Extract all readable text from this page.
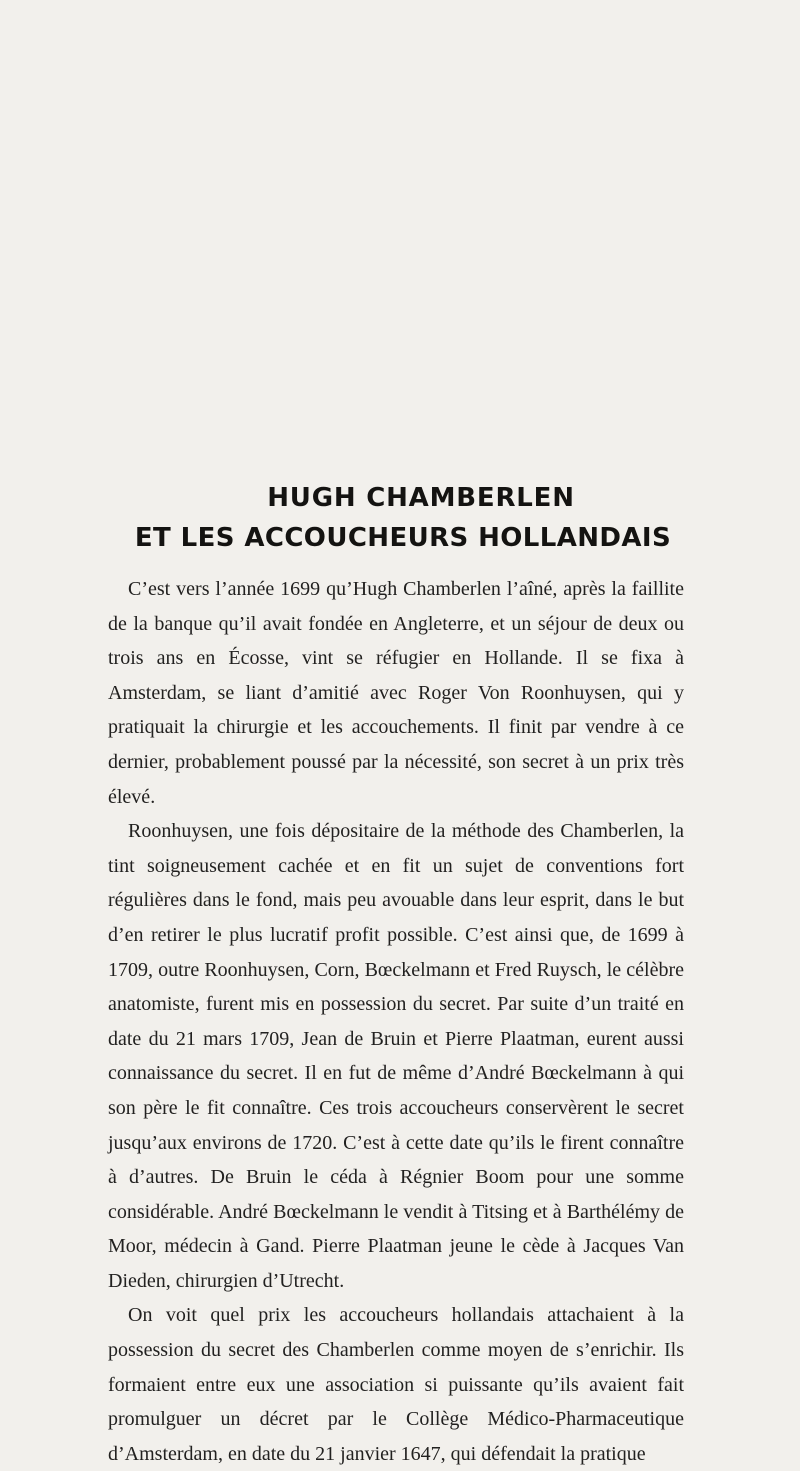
HUGH CHAMBERLEN
ET LES ACCOUCHEURS HOLLANDAIS

C’est vers l’année 1699 qu’Hugh Chamberlen l’aîné, après la faillite de la banque qu’il avait fondée en Angleterre, et un séjour de deux ou trois ans en Écosse, vint se réfugier en Hollande. Il se fixa à Amsterdam, se liant d’amitié avec Roger Von Roonhuysen, qui y pratiquait la chirurgie et les accouchements. Il finit par vendre à ce dernier, probablement poussé par la nécessité, son secret à un prix très élevé.

Roonhuysen, une fois dépositaire de la méthode des Chamberlen, la tint soigneusement cachée et en fit un sujet de conventions fort régulières dans le fond, mais peu avouable dans leur esprit, dans le but d’en retirer le plus lucratif profit possible. C’est ainsi que, de 1699 à 1709, outre Roonhuysen, Corn, Bœckelmann et Fred Ruysch, le célèbre anatomiste, furent mis en possession du secret. Par suite d’un traité en date du 21 mars 1709, Jean de Bruin et Pierre Plaatman, eurent aussi connaissance du secret. Il en fut de même d’André Bœckelmann à qui son père le fit connaître. Ces trois accoucheurs conservèrent le secret jusqu’aux environs de 1720. C’est à cette date qu’ils le firent connaître à d’autres. De Bruin le céda à Régnier Boom pour une somme considérable. André Bœckelmann le vendit à Titsing et à Barthélémy de Moor, médecin à Gand. Pierre Plaatman jeune le cède à Jacques Van Dieden, chirurgien d’Utrecht.

On voit quel prix les accoucheurs hollandais attachaient à la possession du secret des Chamberlen comme moyen de s’enrichir. Ils formaient entre eux une association si puissante qu’ils avaient fait promulguer un décret par le Collège Médico-Pharmaceutique d’Amsterdam, en date du 21 janvier 1647, qui défendait la pratique
